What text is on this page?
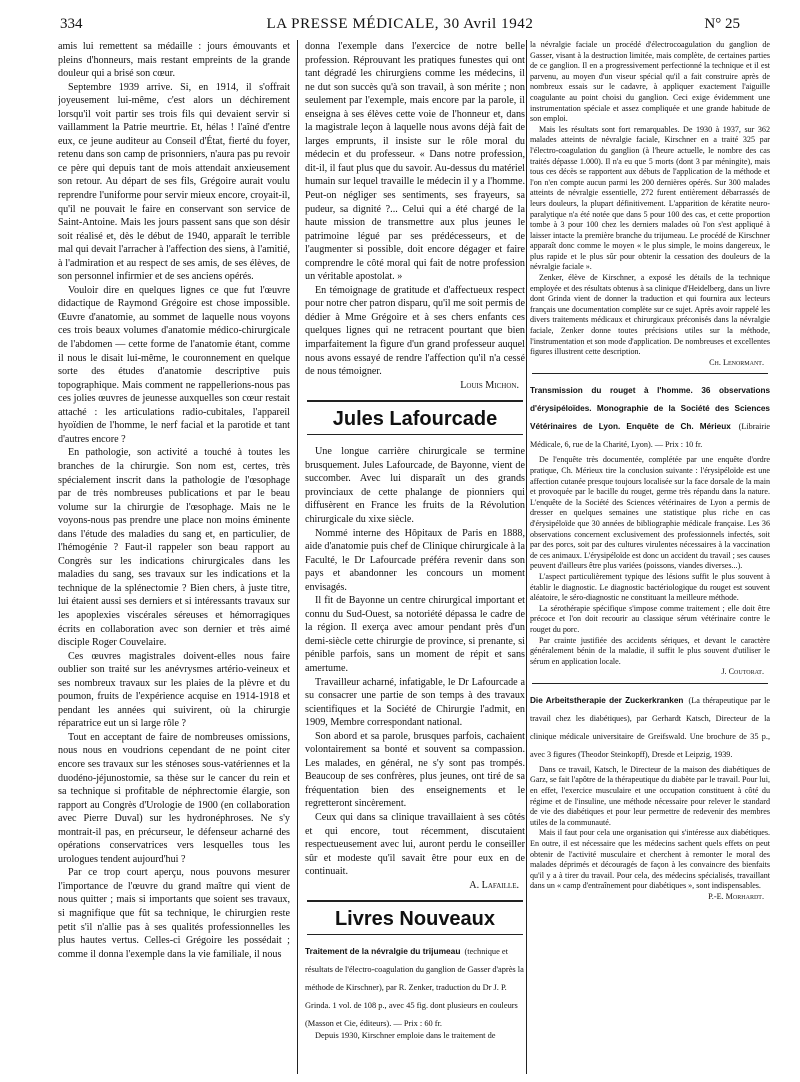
334	LA PRESSE MÉDICALE, 30 Avril 1942	N° 25

amis lui remettent sa médaille : jours émouvants et pleins d'honneurs, mais restant empreints de la grande douleur qui a brisé son cœur.

Septembre 1939 arrive. Si, en 1914, il s'offrait joyeusement lui-même, c'est alors un déchirement lorsqu'il voit partir ses trois fils qui devaient servir si vaillamment la Patrie meurtrie. Et, hélas ! l'aîné d'entre eux, ce jeune auditeur au Conseil d'État, fierté du foyer, retenu dans son camp de prisonniers, n'aura pas pu revoir ce père qui depuis tant de mois attendait anxieusement son retour. Au départ de ses fils, Grégoire aurait voulu reprendre l'uniforme pour servir mieux encore, croyait-il, qu'il ne pouvait le faire en conservant son service de Saint-Antoine. Mais les jours passent sans que son désir soit réalisé et, dès le début de 1940, apparaît le terrible mal qui devait l'arracher à l'affection des siens, à l'amitié, à l'admiration et au respect de ses amis, de ses élèves, de son personnel infirmier et de ses anciens opérés.

Vouloir dire en quelques lignes ce que fut l'œuvre didactique de Raymond Grégoire est chose impossible. Œuvre d'anatomie, au sommet de laquelle nous voyons ces trois beaux volumes d'anatomie médico-chirurgicale de l'abdomen — cette forme de l'anatomie étant, comme il nous le disait lui-même, le couronnement en quelque sorte des études d'anatomie descriptive puis topographique. Mais comment ne rappellerions-nous pas ces jolies œuvres de jeunesse auxquelles son cœur restait attaché : les articulations radio-cubitales, l'appareil hyoïdien de l'homme, le nerf facial et la parotide et tant d'autres encore ?

En pathologie, son activité a touché à toutes les branches de la chirurgie. Son nom est, certes, très spécialement inscrit dans la pathologie de l'œsophage par de très nombreuses publications et par le beau volume sur la chirurgie de l'œsophage. Mais ne le voyons-nous pas prendre une place non moins éminente dans l'étude des maladies du sang et, en particulier, de l'hémogénie ? Faut-il rappeler son beau rapport au Congrès sur les indications chirurgicales dans les maladies du sang, ses travaux sur les indications et la technique de la splénectomie ? Bien chers, à juste titre, lui étaient aussi ses derniers et si intéressants travaux sur les apoplexies viscérales séreuses et hémorragiques écrits en collaboration avec son dernier et très aimé disciple Roger Couvelaire.

Ces œuvres magistrales doivent-elles nous faire oublier son traité sur les anévrysmes artério-veineux et ses nombreux travaux sur les plaies de la plèvre et du poumon, fruits de l'expérience acquise en 1914-1918 et pendant les années qui suivirent, où la chirurgie réparatrice eut un si large rôle ?

Tout en acceptant de faire de nombreuses omissions, nous nous en voudrions cependant de ne point citer encore ses travaux sur les sténoses sous-vatériennes et la duodéno-jéjunostomie, sa thèse sur le cancer du rein et sa technique si profitable de néphrectomie élargie, son rapport au Congrès d'Urologie de 1900 (en collaboration avec Pierre Duval) sur les hydronéphroses. Ne s'y montrait-il pas, en précurseur, le défenseur acharné des opérations conservatrices vers lesquelles tous les urologues tendent aujourd'hui ?

Par ce trop court aperçu, nous pouvons mesurer l'importance de l'œuvre du grand maître qui vient de nous quitter ; mais si importants que soient ses travaux, si magnifique que fût sa technique, le chirurgien reste petit s'il n'allie pas à ses qualités professionnelles les plus hautes vertus. Celles-ci Grégoire les possédait ; comme il donna l'exemple dans la vie familiale, il nous

donna l'exemple dans l'exercice de notre belle profession. Réprouvant les pratiques funestes qui ont tant dégradé les chirurgiens comme les médecins, il ne dut son succès qu'à son travail, à son mérite ; non seulement par l'exemple, mais encore par la parole, il enseigna à ses élèves cette voie de l'honneur et, dans la magistrale leçon à laquelle nous avons déjà fait de larges emprunts, il insiste sur le rôle moral du médecin et du professeur. « Dans notre profession, dit-il, il faut plus que du savoir. Au-dessus du matériel humain sur lequel travaille le médecin il y a l'homme. Peut-on négliger ses sentiments, ses frayeurs, sa pudeur, sa dignité ?... Celui qui a été chargé de la haute mission de transmettre aux plus jeunes le patrimoine légué par ses prédécesseurs, et de l'augmenter si possible, doit encore dégager et faire comprendre le côté moral qui fait de notre profession un véritable apostolat. »

En témoignage de gratitude et d'affectueux respect pour notre cher patron disparu, qu'il me soit permis de dédier à Mme Grégoire et à ses chers enfants ces quelques lignes qui ne retracent pourtant que bien imparfaitement la figure d'un grand professeur auquel nous avons essayé de rendre l'affection qu'il n'a cessé de nous témoigner.

Louis Michon.

Jules Lafourcade

Une longue carrière chirurgicale se termine brusquement. Jules Lafourcade, de Bayonne, vient de succomber. Avec lui disparaît un des grands provinciaux de cette phalange de pionniers qui diffusèrent en France les fruits de la Révolution chirurgicale du xixe siècle.

Nommé interne des Hôpitaux de Paris en 1888, aide d'anatomie puis chef de Clinique chirurgicale à la Faculté, le Dr Lafourcade préféra revenir dans son pays et abandonner les concours un moment envisagés.

Il fit de Bayonne un centre chirurgical important et connu du Sud-Ouest, sa notoriété dépassa le cadre de la région. Il exerça avec amour pendant près d'un demi-siècle cette chirurgie de province, si prenante, si pénible parfois, sans un moment de répit et sans amertume.

Travailleur acharné, infatigable, le Dr Lafourcade a su consacrer une partie de son temps à des travaux scientifiques et la Société de Chirurgie l'admit, en 1909, Membre correspondant national.

Son abord et sa parole, brusques parfois, cachaient volontairement sa bonté et souvent sa compassion. Les malades, en général, ne s'y sont pas trompés. Beaucoup de ses confrères, plus jeunes, ont tiré de sa fréquentation bien des enseignements et le regretteront sincèrement.

Ceux qui dans sa clinique travaillaient à ses côtés et qui encore, tout récemment, discutaient respectueusement avec lui, auront perdu le conseiller sûr et modeste qu'il savait être pour eux en de continuait.

A. Lafaille.

Livres Nouveaux
Traitement de la névralgie du trijumeau (technique et résultats de l'électro-coagulation du ganglion de Gasser d'après la méthode de Kirschner), par R. Zenker, traduction du Dr J. P. Grinda. 1 vol. de 108 p., avec 45 fig. dont plusieurs en couleurs (Masson et Cie, éditeurs). — Prix : 60 fr.

Depuis 1930, Kirschner emploie dans le traitement de

la névralgie faciale un procédé d'électrocoagulation du ganglion de Gasser, visant à la destruction limitée, mais complète, de certaines parties de ce ganglion. Il en a progressivement perfectionné la technique et il est parvenu, au moyen d'un viseur spécial qu'il a fait construire après de nombreux essais sur le cadavre, à appliquer exactement l'aiguille coagulante au point choisi du ganglion. Ceci exige évidemment une instrumentation spéciale et assez compliquée et une grande habitude de son emploi.

Mais les résultats sont fort remarquables. De 1930 à 1937, sur 362 malades atteints de névralgie faciale, Kirschner en a traité 325 par l'électro-coagulation du ganglion (à l'heure actuelle, le nombre des cas traités dépasse 1.000). Il n'a eu que 5 morts (dont 3 par méningite), mais tous ces décès se rapportent aux débuts de l'application de la méthode et l'on n'en compte aucun parmi les 200 dernières opérés. Sur 300 malades atteints de névralgie essentielle, 272 furent entièrement débarrassés de leurs douleurs, la plupart définitivement. L'apparition de kératite neuro-paralytique n'a été notée que dans 5 pour 100 des cas, et cette proportion tombe à 3 pour 100 chez les derniers malades où l'on s'est appliqué à laisser intacte la première branche du trijumeau. Le procédé de Kirschner apparaît donc comme le moyen « le plus simple, le moins dangereux, le plus rapide et le plus sûr pour obtenir la cessation des douleurs de la névralgie faciale ».

Zenker, élève de Kirschner, a exposé les détails de la technique employée et des résultats obtenus à sa clinique d'Heidelberg, dans un livre dont Grinda vient de donner la traduction et qui fournira aux lecteurs français une documentation complète sur ce sujet. Après avoir rappelé les divers traitements médicaux et chirurgicaux préconisés dans la névralgie faciale, Zenker donne toutes précisions utiles sur la méthode, l'instrumentation et son mode d'application. De nombreuses et excellentes figures illustrent cette description.

Ch. Lenormant.

Transmission du rouget à l'homme. 36 observations d'érysipéloïdes. Monographie de la Société des Sciences Vétérinaires de Lyon. Enquête de Ch. Mérieux (Librairie Médicale, 6, rue de la Charité, Lyon). — Prix : 10 fr.

De l'enquête très documentée, complétée par une enquête d'ordre pratique, Ch. Mérieux tire la conclusion suivante : l'érysipéloïde est une affection cutanée presque toujours localisée sur la face dorsale de la main et provoquée par le bacille du rouget, germe très répandu dans la nature. L'enquête de la Société des Sciences vétérinaires de Lyon a permis de dresser en quelques semaines une statistique plus riche en cas d'érysipéloïde que 30 années de bibliographie médicale française. Les 36 observations concernent exclusivement des professionnels infectés, soit par des porcs, soit par des cultures virulentes nécessaires à la vaccination de ces animaux. L'érysipéloïde est donc un accident du travail ; ses causes peuvent d'ailleurs être plus variées (poissons, viandes diverses...).

L'aspect particulièrement typique des lésions suffit le plus souvent à établir le diagnostic. Le diagnostic bactériologique du rouget est souvent aléatoire, le séro-diagnostic ne constituant la meilleure méthode.

La sérothérapie spécifique s'impose comme traitement ; elle doit être précoce et l'on doit recourir au classique sérum vétérinaire contre le rouget du porc.

Par crainte justifiée des accidents sériques, et devant le caractère généralement bénin de la maladie, il suffit le plus souvent d'utiliser le sérum en application locale.

J. Coutorat.

Die Arbeitstherapie der Zuckerkranken (La thérapeutique par le travail chez les diabétiques), par Gerhardt Katsch, Directeur de la clinique médicale universitaire de Greifswald. Une brochure de 35 p., avec 3 figures (Theodor Steinkopff), Dresde et Leipzig, 1939.

Dans ce travail, Katsch, le Directeur de la maison des diabétiques de Garz, se fait l'apôtre de la thérapeutique du diabète par le travail. Pour lui, en effet, l'exercice musculaire et une occupation constituent à côté du régime et de l'insuline, une méthode nécessaire pour relever le standard de vie des diabétiques et pour leur permettre de redevenir des membres utiles de la communauté.

Mais il faut pour cela une organisation qui s'intéresse aux diabétiques. En outre, il est nécessaire que les médecins sachent quels effets on peut obtenir de l'activité musculaire et cherchent à remonter le moral des malades déprimés et découragés de façon à les convaincre des bienfaits qu'il y a à tirer du travail. Pour cela, des médecins spécialisés, travaillant dans un « camp d'entraînement pour diabétiques », sont indispensables.

P.-E. Morhardt.
